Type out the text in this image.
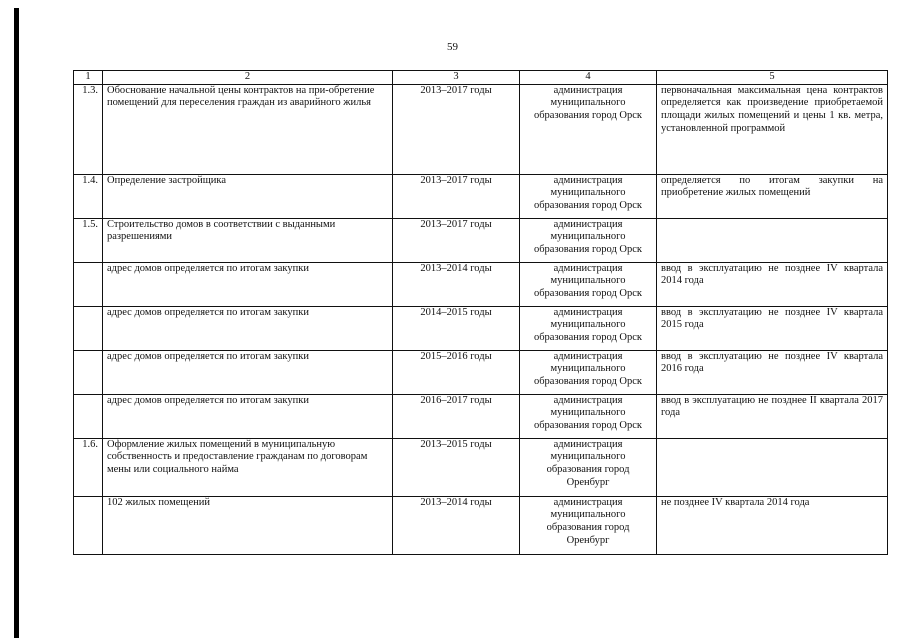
59
1	2	3	4	5
1.3.	Обоснование начальной цены контрактов на при-обретение помещений для переселения граждан из аварийного жилья	2013–2017 годы	администрация муниципального образования город Орск	первоначальная максимальная цена контрактов определяется как произведение приобретаемой площади жилых помещений и цены 1 кв. метра, установленной программой
1.4.	Определение застройщика	2013–2017 годы	администрация муниципального образования город Орск	определяется по итогам закупки на приобретение жилых помещений
1.5.	Строительство домов в соответствии с выданными разрешениями	2013–2017 годы	администрация муниципального образования город Орск	
	адрес домов определяется по итогам закупки	2013–2014 годы	администрация муниципального образования город Орск	ввод в эксплуатацию не позднее IV квартала 2014 года
	адрес домов определяется по итогам закупки	2014–2015 годы	администрация муниципального образования город Орск	ввод в эксплуатацию не позднее IV квартала 2015 года
	адрес домов определяется по итогам закупки	2015–2016 годы	администрация муниципального образования город Орск	ввод в эксплуатацию не позднее IV квартала 2016 года
	адрес домов определяется по итогам закупки	2016–2017 годы	администрация муниципального образования город Орск	ввод в эксплуатацию не позднее II квартала 2017 года
1.6.	Оформление жилых помещений в муниципальную собственность и предоставление гражданам по договорам мены или социального найма	2013–2015 годы	администрация муниципального образования город Оренбург	
	102 жилых помещений	2013–2014 годы	администрация муниципального образования город Оренбург	не позднее IV квартала 2014 года
